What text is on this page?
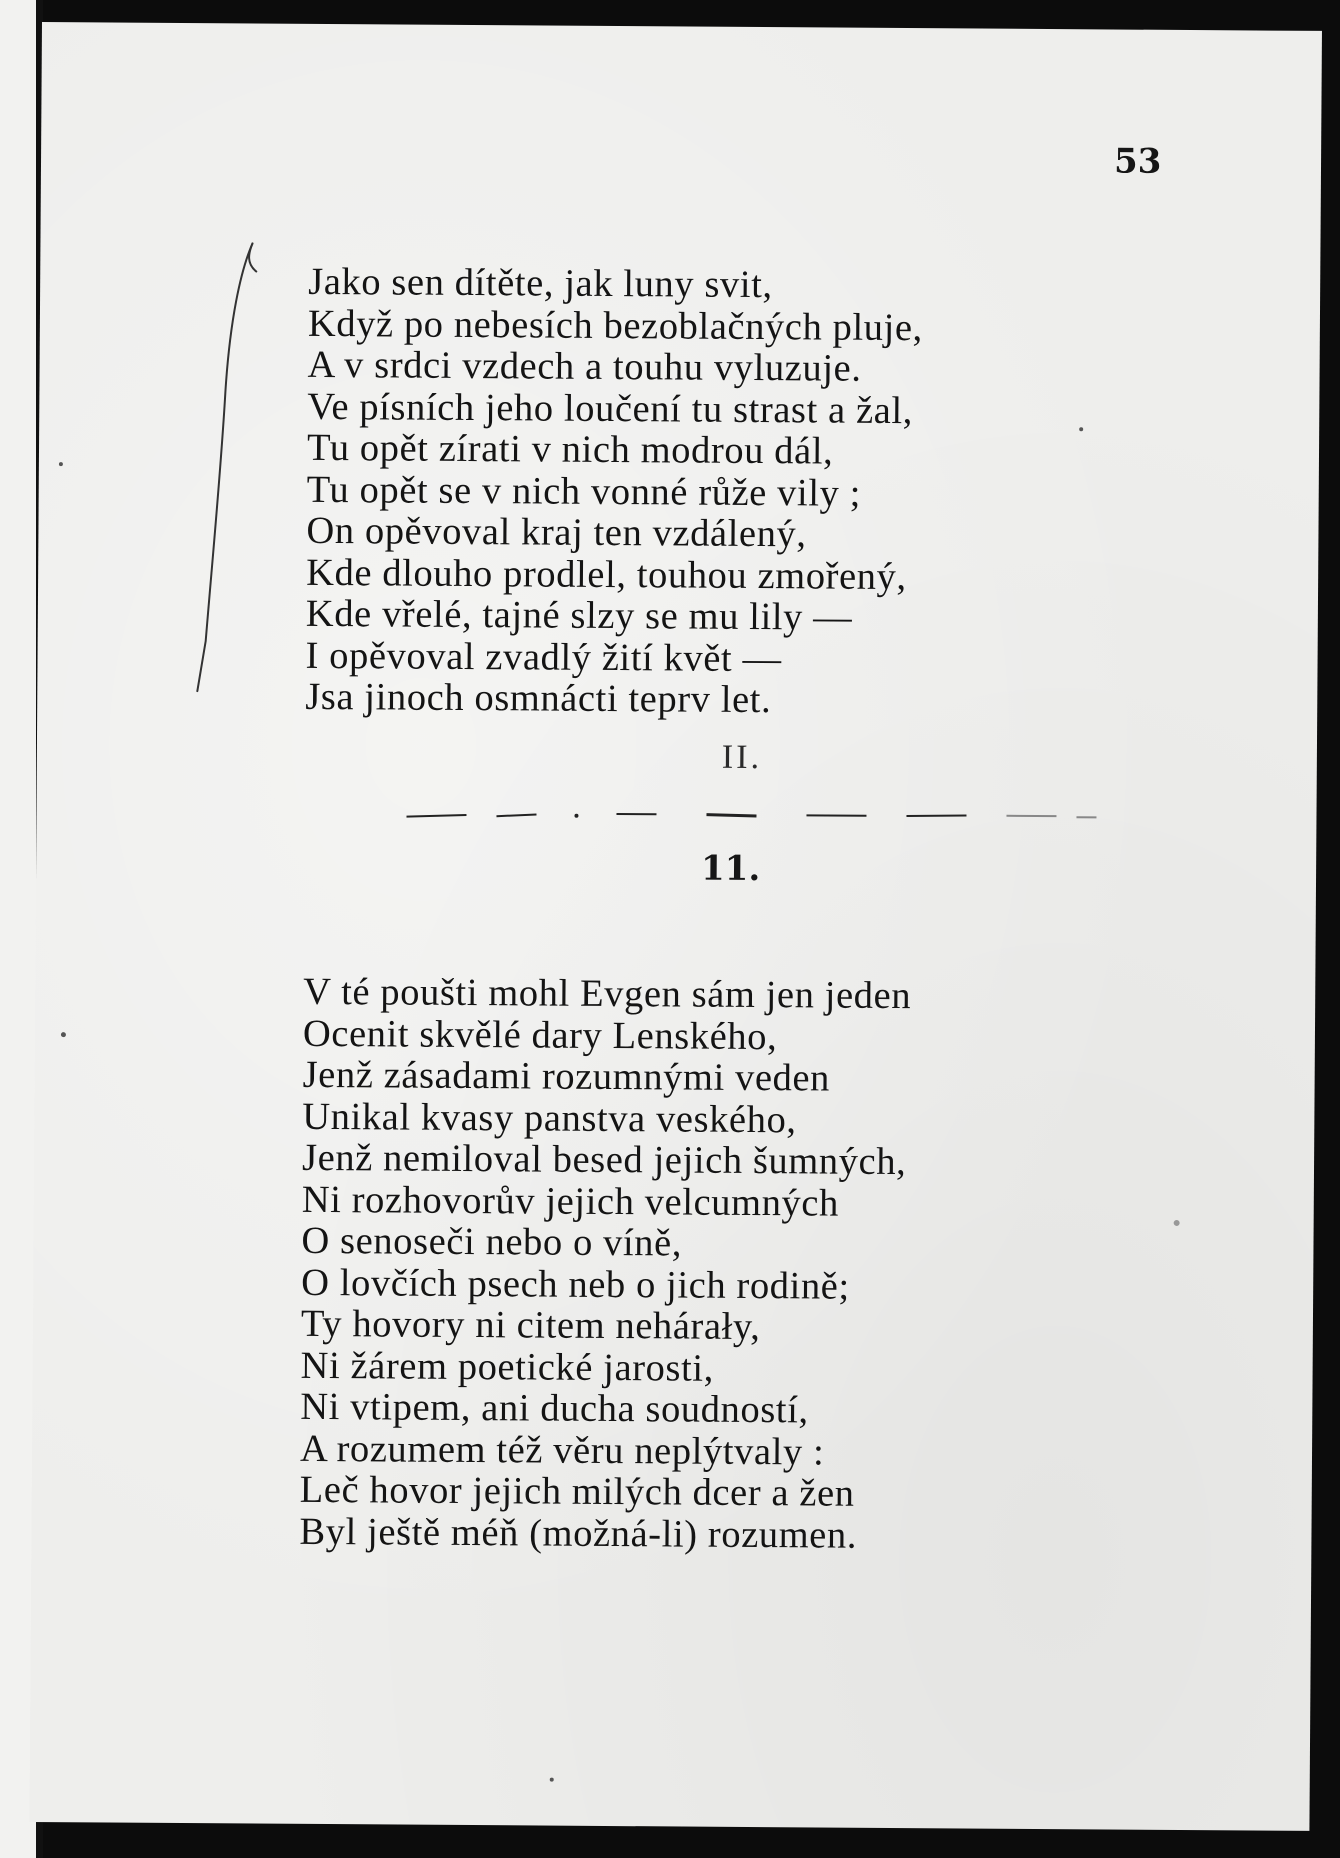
53
Jako sen dítěte, jak luny svit,
Když po nebesích bezoblačných pluje,
A v srdci vzdech a touhu vyluzuje.
Ve písních jeho loučení tu strast a žal,
Tu opět zírati v nich modrou dál,
Tu opět se v nich vonné růže vily ;
On opěvoval kraj ten vzdálený,
Kde dlouho prodlel, touhou zmořený,
Kde vřelé, tajné slzy se mu lily —
I opěvoval zvadlý žití květ —
Jsa jinoch osmnácti teprv let.
II.
11.
V té poušti mohl Evgen sám jen jeden
Ocenit skvělé dary Lenského,
Jenž zásadami rozumnými veden
Unikal kvasy panstva veského,
Jenž nemiloval besed jejich šumných,
Ni rozhovorův jejich velcumných
O senoseči nebo o víně,
O lovčích psech neb o jich rodině;
Ty hovory ni citem nehárały,
Ni žárem poetické jarosti,
Ni vtipem, ani ducha soudností,
A rozumem též věru neplýtvaly :
Leč hovor jejich milých dcer a žen
Byl ještě méň (možná-li) rozumen.
